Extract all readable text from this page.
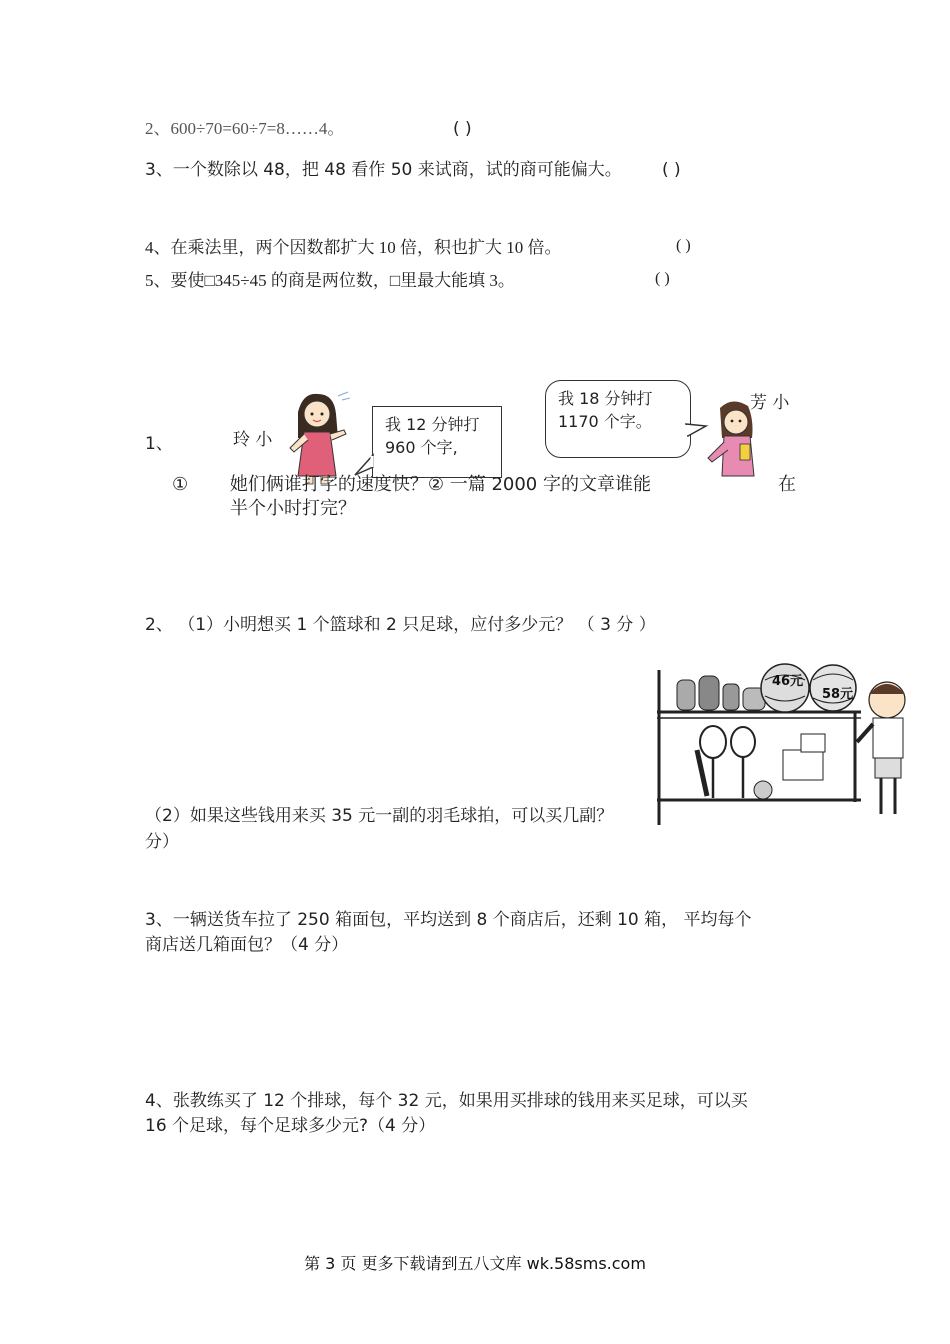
2、600÷70=60÷7=8……4。	( )
3、一个数除以 48，把 48 看作 50 来试商，试的商可能偏大。 ( )
4、在乘法里，两个因数都扩大 10 倍，积也扩大 10 倍。	( )
5、要使□345÷45 的商是两位数，□里最大能填 3。	( )
1、	玲 小
芳 小
我 12 分钟打 960 个字,
我 18 分钟打 1170 个字。
① 她们俩谁打字的速度快？② 一篇 2000 字的文章谁能	在
半个小时打完？
2、 （1）小明想买 1 个篮球和 2 只足球，应付多少元？ （ 3 分 ）
46元
58元
（2）如果这些钱用来买 35 元一副的羽毛球拍，可以买几副？
分）
3、一辆送货车拉了 250 箱面包，平均送到 8 个商店后，还剩 10 箱， 平均每个
商店送几箱面包？（4 分）
4、张教练买了 12 个排球，每个 32 元，如果用买排球的钱用来买足球，可以买
16 个足球，每个足球多少元?（4 分）
第 3 页 更多下载请到五八文库 wk.58sms.com
